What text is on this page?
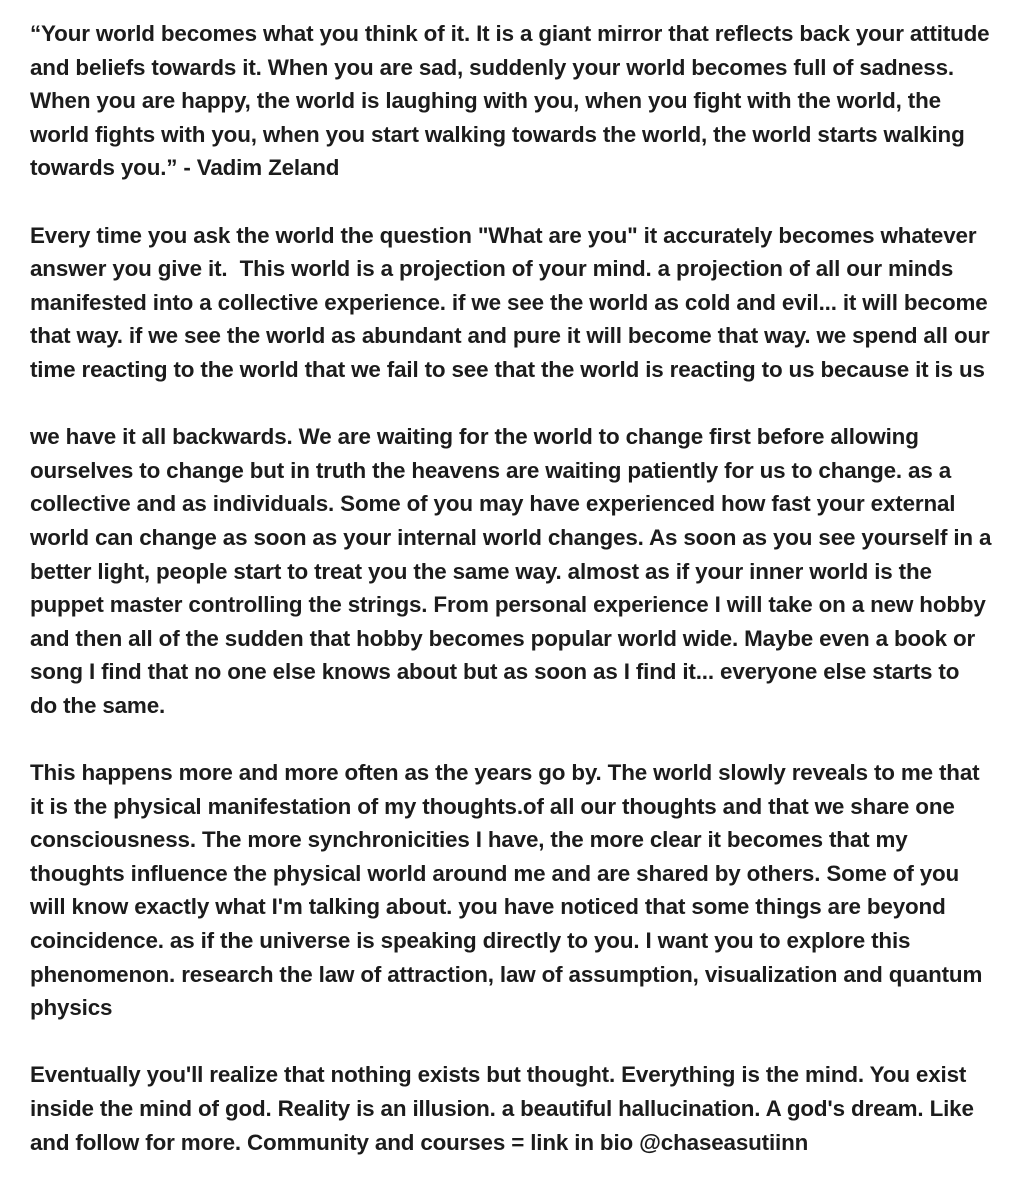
“Your world becomes what you think of it. It is a giant mirror that reflects back your attitude and beliefs towards it. When you are sad, suddenly your world becomes full of sadness. When you are happy, the world is laughing with you, when you fight with the world, the world fights with you, when you start walking towards the world, the world starts walking towards you.” - Vadim Zeland

Every time you ask the world the question "What are you" it accurately becomes whatever answer you give it.  This world is a projection of your mind. a projection of all our minds manifested into a collective experience. if we see the world as cold and evil... it will become that way. if we see the world as abundant and pure it will become that way. we spend all our time reacting to the world that we fail to see that the world is reacting to us because it is us

we have it all backwards. We are waiting for the world to change first before allowing ourselves to change but in truth the heavens are waiting patiently for us to change. as a collective and as individuals. Some of you may have experienced how fast your external world can change as soon as your internal world changes. As soon as you see yourself in a better light, people start to treat you the same way. almost as if your inner world is the puppet master controlling the strings. From personal experience I will take on a new hobby and then all of the sudden that hobby becomes popular world wide. Maybe even a book or song I find that no one else knows about but as soon as I find it... everyone else starts to do the same.

This happens more and more often as the years go by. The world slowly reveals to me that it is the physical manifestation of my thoughts.of all our thoughts and that we share one consciousness. The more synchronicities I have, the more clear it becomes that my thoughts influence the physical world around me and are shared by others. Some of you will know exactly what I'm talking about. you have noticed that some things are beyond coincidence. as if the universe is speaking directly to you. I want you to explore this phenomenon. research the law of attraction, law of assumption, visualization and quantum physics

Eventually you'll realize that nothing exists but thought. Everything is the mind. You exist inside the mind of god. Reality is an illusion. a beautiful hallucination. A god's dream. Like and follow for more. Community and courses = link in bio @chaseasutiinn
